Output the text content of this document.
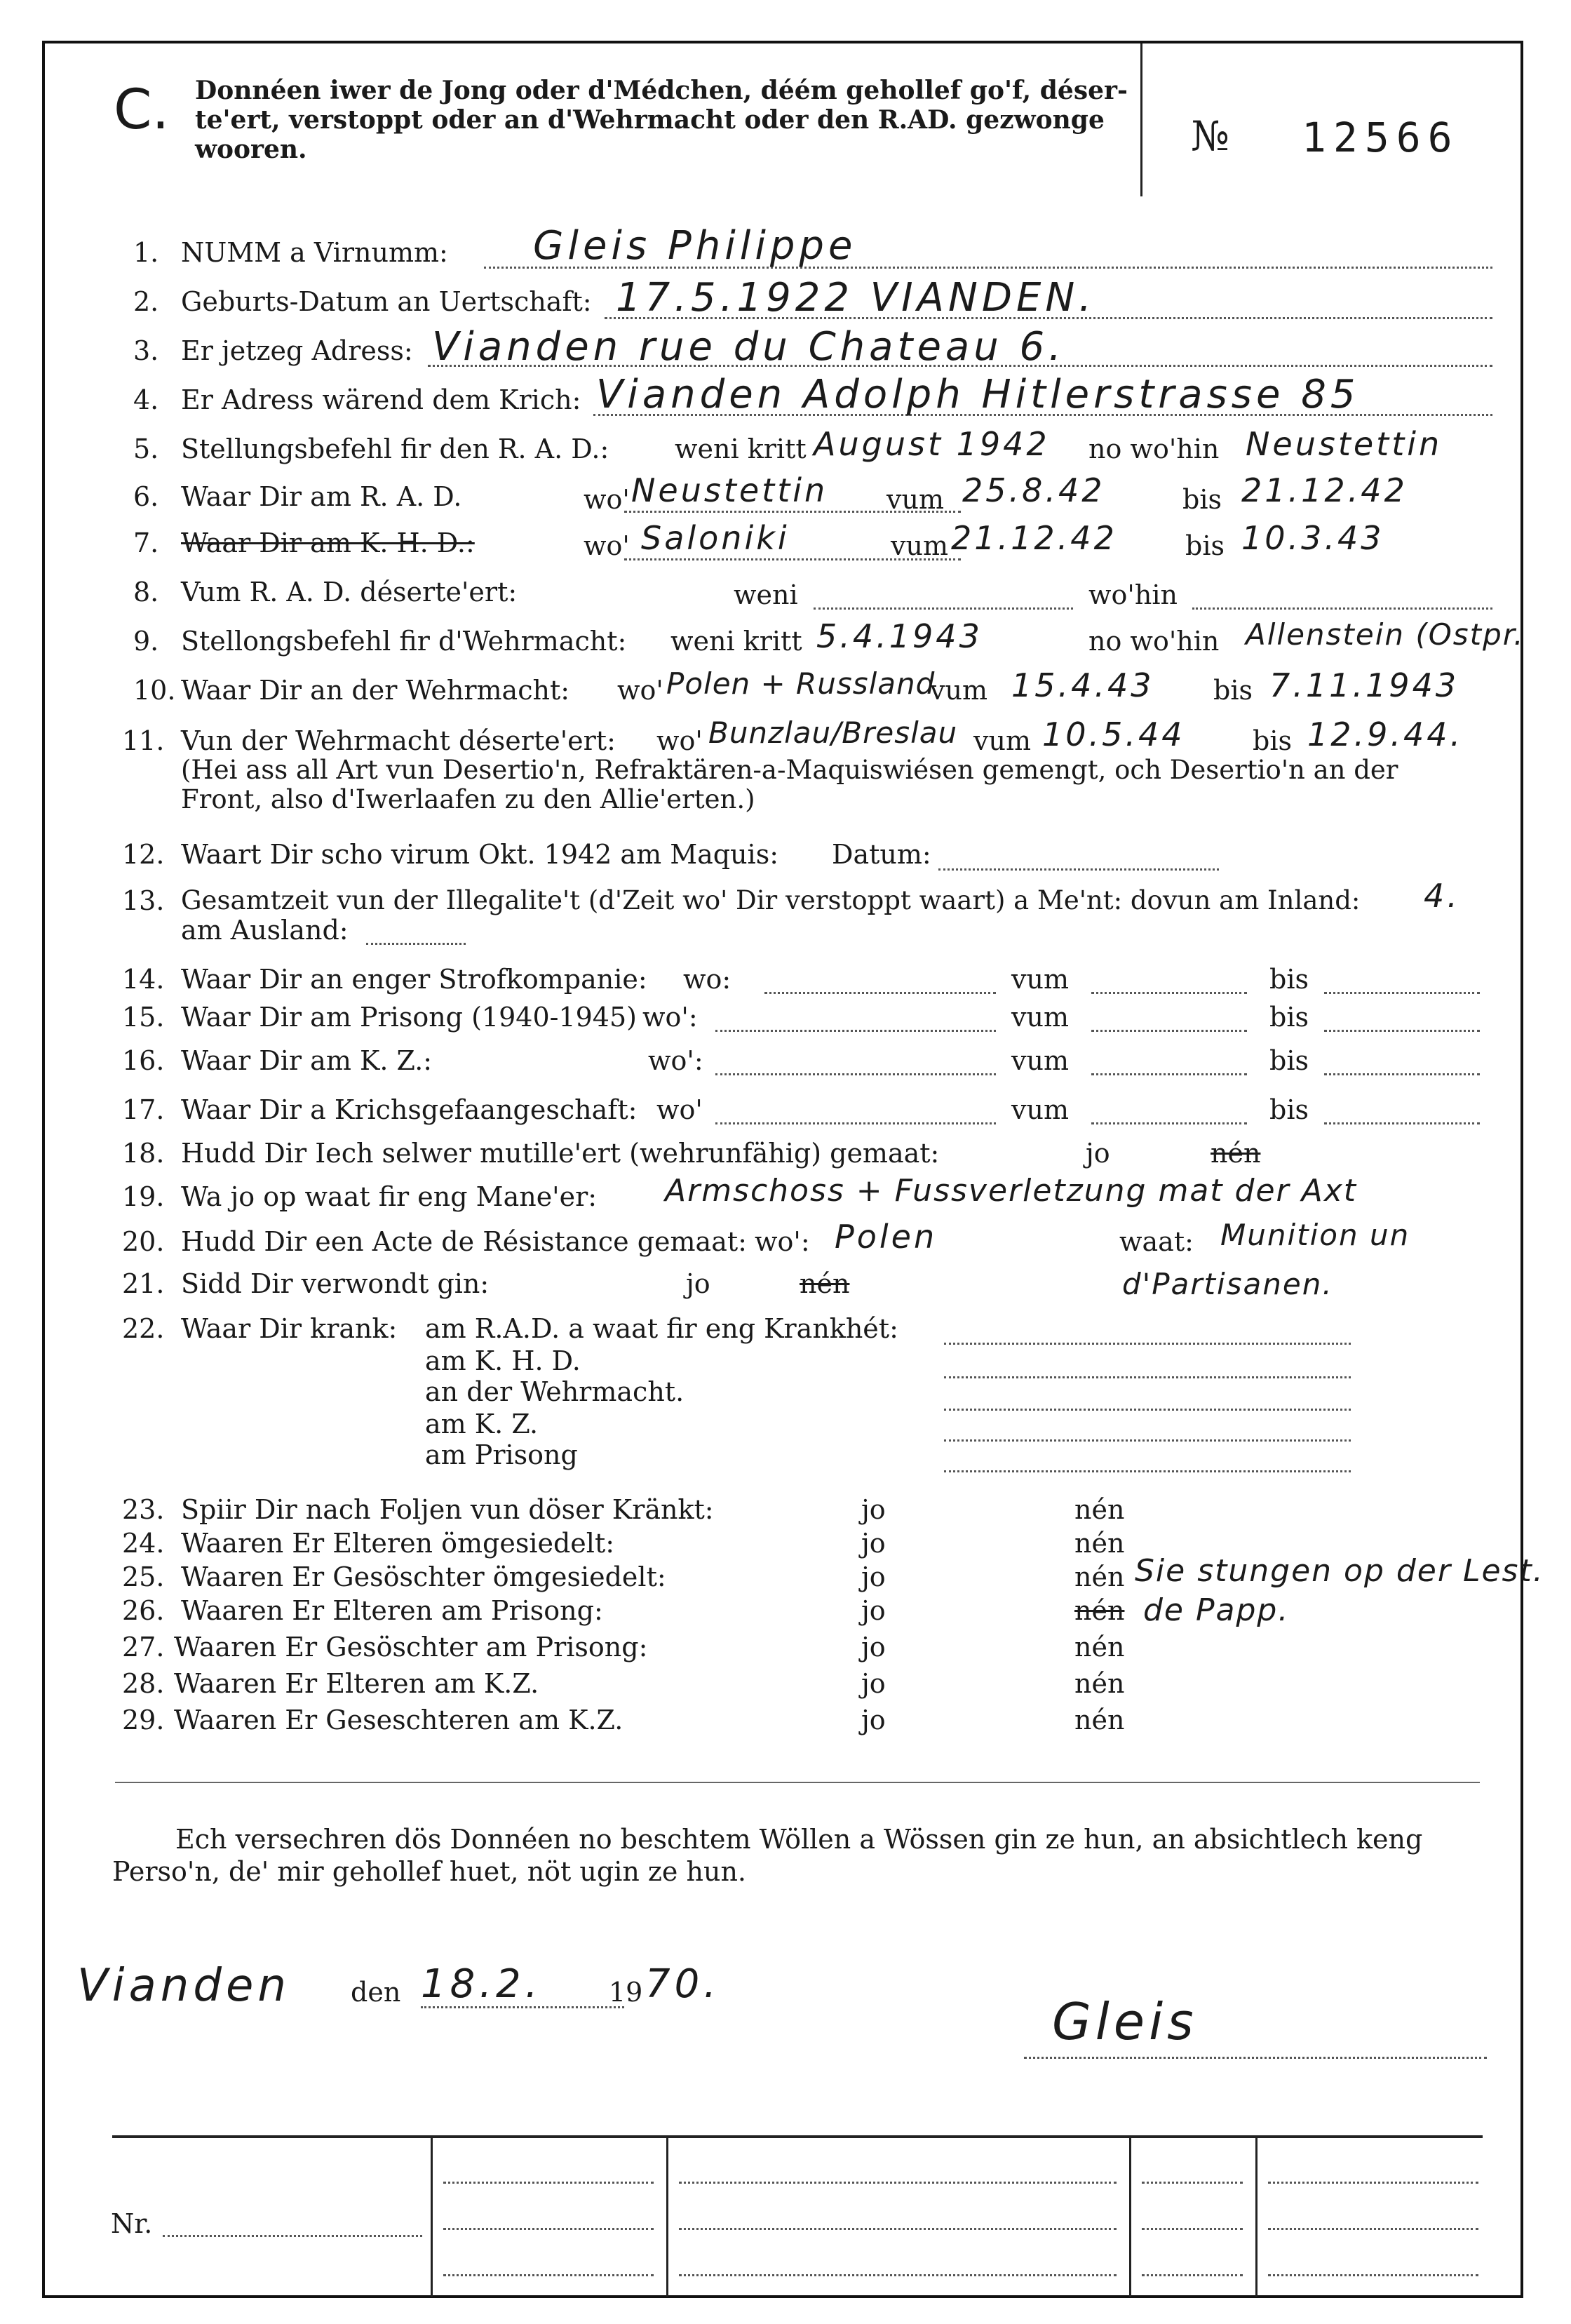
C. Donnéen iwer de Jong oder d'Médchen, déém gehollef go'f, déser-
te'ert, verstoppt oder an d'Wehrmacht oder den R.AD. gezwonge
wooren.	№ 12566
1. NUMM a Virnumm: Gleis Philippe
2. Geburts-Datum an Uertschaft: 17.5.1922 VIANDEN.
3. Er jetzeg Adress: Vianden rue du Chateau 6.
4. Er Adress wärend dem Krich: Vianden Adolph Hitlerstrasse 85
5. Stellungsbefehl fir den R. A. D.: weni kritt August 1942 no wo'hin Neustettin
6. Waar Dir am R. A. D.	wo' Neustettin vum 25.8.42	bis 21.12.42
7. Waar Dir am K. H. D.:	wo' Saloniki	vum 21.12.42	bis 10.3.43
8. Vum R. A. D. déserte'ert:	weni	wo'hin
9. Stellongsbefehl fir d'Wehrmacht: weni kritt 5.4.1943	no wo'hin Allenstein (Ostpr.
10. Waar Dir an der Wehrmacht: wo' Polen + Russland
vum 15.4.43 bis 7.11.1943
11. Vun der Wehrmacht déserte'ert: wo' Bunzlau/Breslau vum 10.5.44	bis 12.9.44.
(Hei ass all Art vun Desertio'n, Refraktären-a-Maquiswiésen gemengt, och Desertio'n an der
Front, also d'Iwerlaafen zu den Allie'erten.)
12. Waart Dir scho virum Okt. 1942 am Maquis: Datum:
13. Gesamtzeit vun der Illegalite't (d'Zeit wo' Dir verstoppt waart) a Me'nt: dovun am Inland: 4.
am Ausland:
14. Waar Dir an enger Strofkompanie: wo:	vum	bis
15. Waar Dir am Prisong (1940-1945) wo':	vum	bis
16. Waar Dir am K. Z.:	wo':	vum	bis
17. Waar Dir a Krichsgefaangeschaft: wo'	vum	bis
18. Hudd Dir Iech selwer mutille'ert (wehrunfähig) gemaat:	jo	nén
19. Wa jo op waat fir eng Mane'er: Armschoss + Fussverletzung mat der Axt
20. Hudd Dir een Acte de Résistance gemaat: wo': Polen	waat: Munition un
d'Partisanen.
21. Sidd Dir verwondt gin:	jo	nén
22. Waar Dir krank: am R.A.D. a waat fir eng Krankhét:
am K. H. D.
an der Wehrmacht.
am K. Z.
am Prisong
23. Spiir Dir nach Foljen vun döser Kränkt:	jo	nén
24. Waaren Er Elteren ömgesiedelt:	jo	nén
25. Waaren Er Gesöschter ömgesiedelt:	jo	nén Sie stungen op der Lest.
26. Waaren Er Elteren am Prisong:	jo	nén de Papp.
27. Waaren Er Gesöschter am Prisong:	jo	nén
28. Waaren Er Elteren am K.Z.	jo	nén
29. Waaren Er Geseschteren am K.Z.	jo	nén
Ech versechren dös Donnéen no beschtem Wöllen a Wössen gin ze hun, an absichtlech keng
Perso'n, de' mir gehollef huet, nöt ugin ze hun.
Vianden den 18.2.	19 70.
Gleis
Nr.
